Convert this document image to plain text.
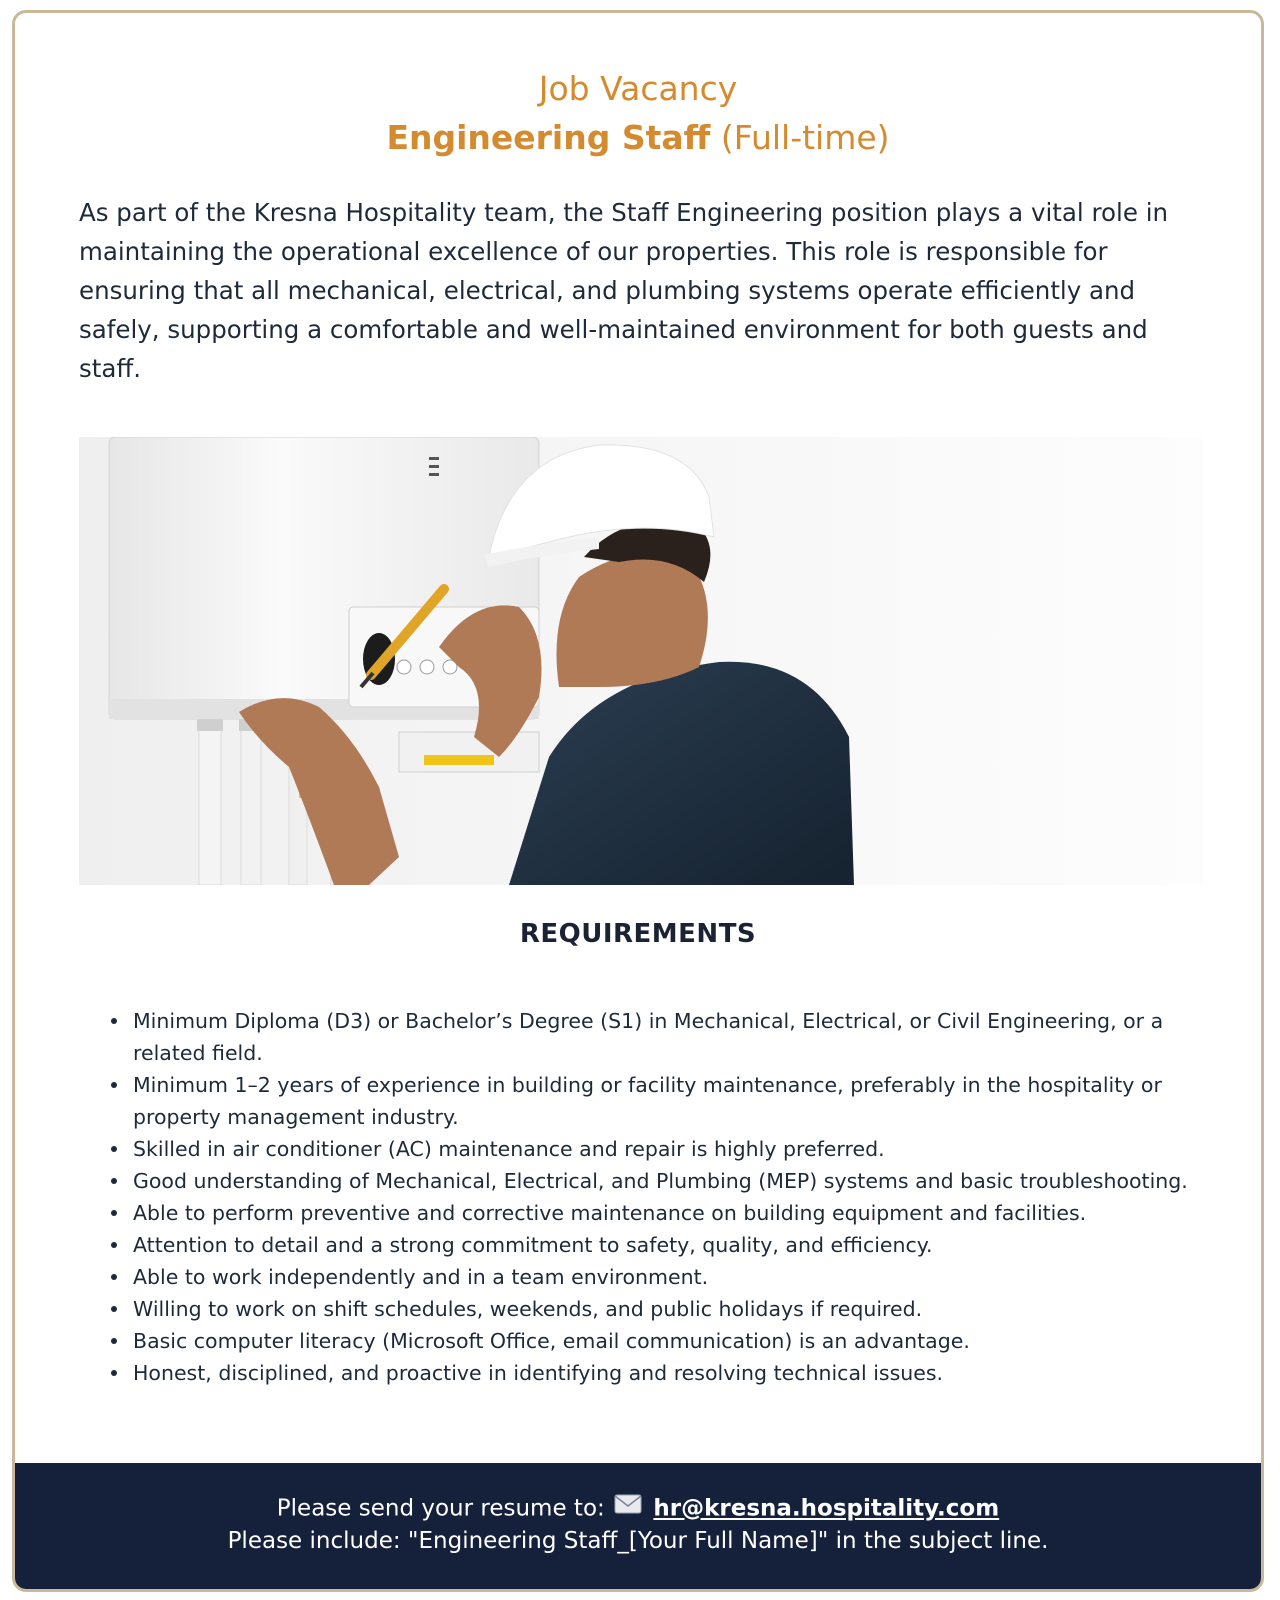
Job Vacancy
Engineering Staff (Full-time)

As part of the Kresna Hospitality team, the Staff Engineering position plays a vital role in maintaining the operational excellence of our properties. This role is responsible for ensuring that all mechanical, electrical, and plumbing systems operate efficiently and safely, supporting a comfortable and well-maintained environment for both guests and staff.

REQUIREMENTS
Minimum Diploma (D3) or Bachelor’s Degree (S1) in Mechanical, Electrical, or Civil Engineering, or a related field.
Minimum 1–2 years of experience in building or facility maintenance, preferably in the hospitality or property management industry.
Skilled in air conditioner (AC) maintenance and repair is highly preferred.
Good understanding of Mechanical, Electrical, and Plumbing (MEP) systems and basic troubleshooting.
Able to perform preventive and corrective maintenance on building equipment and facilities.
Attention to detail and a strong commitment to safety, quality, and efficiency.
Able to work independently and in a team environment.
Willing to work on shift schedules, weekends, and public holidays if required.
Basic computer literacy (Microsoft Office, email communication) is an advantage.
Honest, disciplined, and proactive in identifying and resolving technical issues.
Please send your resume to: hr@kresna.hospitality.com
Please include: "Engineering Staff_[Your Full Name]" in the subject line.
